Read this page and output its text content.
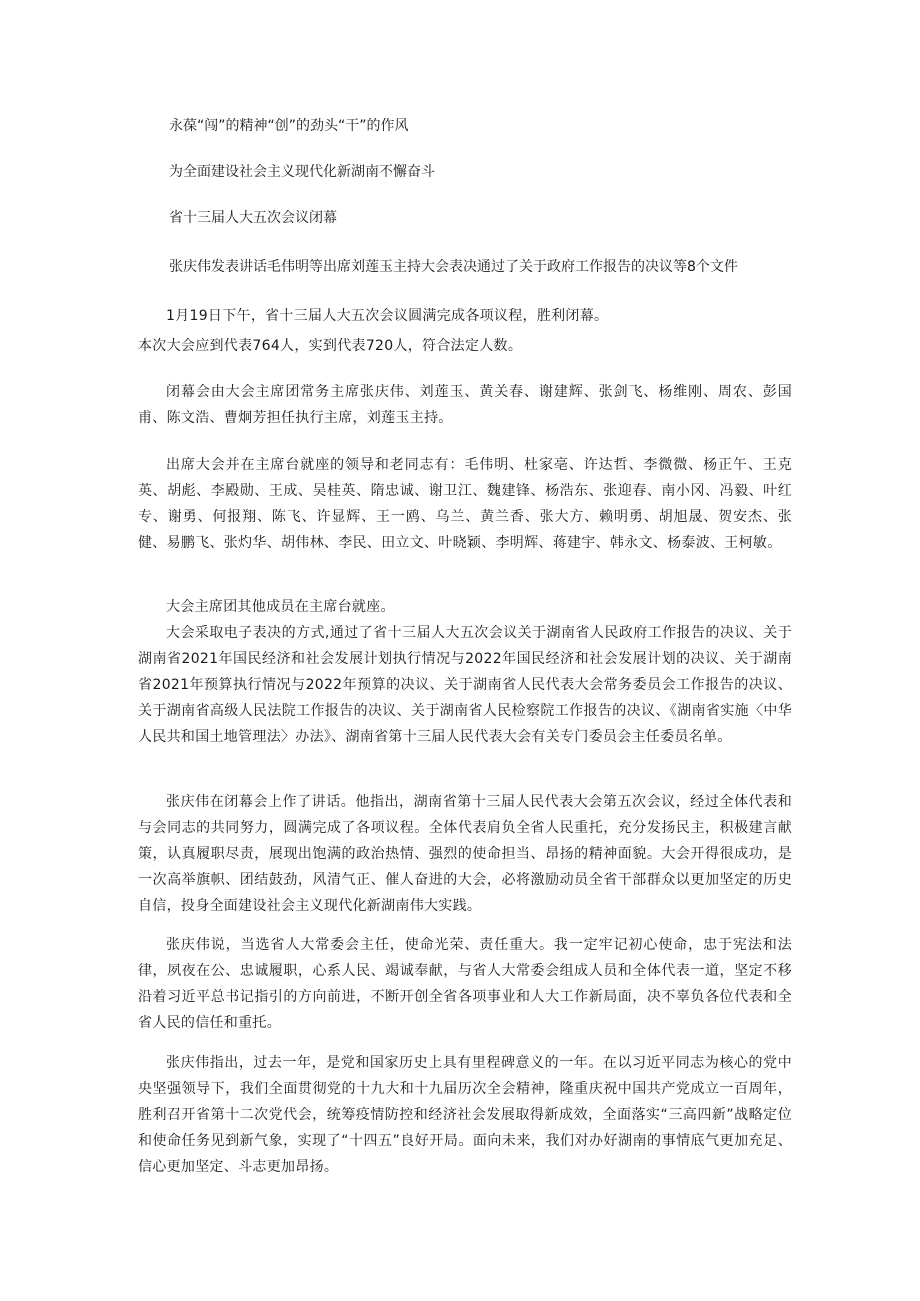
永葆“闯”的精神“创”的劲头“干”的作风
为全面建设社会主义现代化新湖南不懈奋斗
省十三届人大五次会议闭幕
张庆伟发表讲话毛伟明等出席刘莲玉主持大会表决通过了关于政府工作报告的决议等8个文件
1月19日下午，省十三届人大五次会议圆满完成各项议程，胜利闭幕。
本次大会应到代表764人，实到代表720人，符合法定人数。
闭幕会由大会主席团常务主席张庆伟、刘莲玉、黄关春、谢建辉、张剑飞、杨维刚、周农、彭国甫、陈文浩、曹炯芳担任执行主席，刘莲玉主持。
出席大会并在主席台就座的领导和老同志有：毛伟明、杜家亳、许达哲、李微微、杨正午、王克英、胡彪、李殿勋、王成、吴桂英、隋忠诚、谢卫江、魏建锋、杨浩东、张迎春、南小冈、冯毅、叶红专、谢勇、何报翔、陈飞、许显辉、王一鸥、乌兰、黄兰香、张大方、赖明勇、胡旭晟、贺安杰、张健、易鹏飞、张灼华、胡伟林、李民、田立文、叶晓颖、李明辉、蒋建宇、韩永文、杨泰波、王柯敏。
大会主席团其他成员在主席台就座。
大会采取电子表决的方式,通过了省十三届人大五次会议关于湖南省人民政府工作报告的决议、关于湖南省2021年国民经济和社会发展计划执行情况与2022年国民经济和社会发展计划的决议、关于湖南省2021年预算执行情况与2022年预算的决议、关于湖南省人民代表大会常务委员会工作报告的决议、关于湖南省高级人民法院工作报告的决议、关于湖南省人民检察院工作报告的决议、《湖南省实施〈中华人民共和国土地管理法〉办法》、湖南省第十三届人民代表大会有关专门委员会主任委员名单。
张庆伟在闭幕会上作了讲话。他指出，湖南省第十三届人民代表大会第五次会议，经过全体代表和与会同志的共同努力，圆满完成了各项议程。全体代表肩负全省人民重托，充分发扬民主，积极建言献策，认真履职尽责，展现出饱满的政治热情、强烈的使命担当、昂扬的精神面貌。大会开得很成功，是一次高举旗帜、团结鼓劲，风清气正、催人奋进的大会，必将激励动员全省干部群众以更加坚定的历史自信，投身全面建设社会主义现代化新湖南伟大实践。
张庆伟说，当选省人大常委会主任，使命光荣、责任重大。我一定牢记初心使命，忠于宪法和法律，夙夜在公、忠诚履职，心系人民、竭诚奉献，与省人大常委会组成人员和全体代表一道，坚定不移沿着习近平总书记指引的方向前进，不断开创全省各项事业和人大工作新局面，决不辜负各位代表和全省人民的信任和重托。
张庆伟指出，过去一年，是党和国家历史上具有里程碑意义的一年。在以习近平同志为核心的党中央坚强领导下，我们全面贯彻党的十九大和十九届历次全会精神，隆重庆祝中国共产党成立一百周年，胜利召开省第十二次党代会，统筹疫情防控和经济社会发展取得新成效，全面落实“三高四新”战略定位和使命任务见到新气象，实现了“十四五”良好开局。面向未来，我们对办好湖南的事情底气更加充足、信心更加坚定、斗志更加昂扬。
